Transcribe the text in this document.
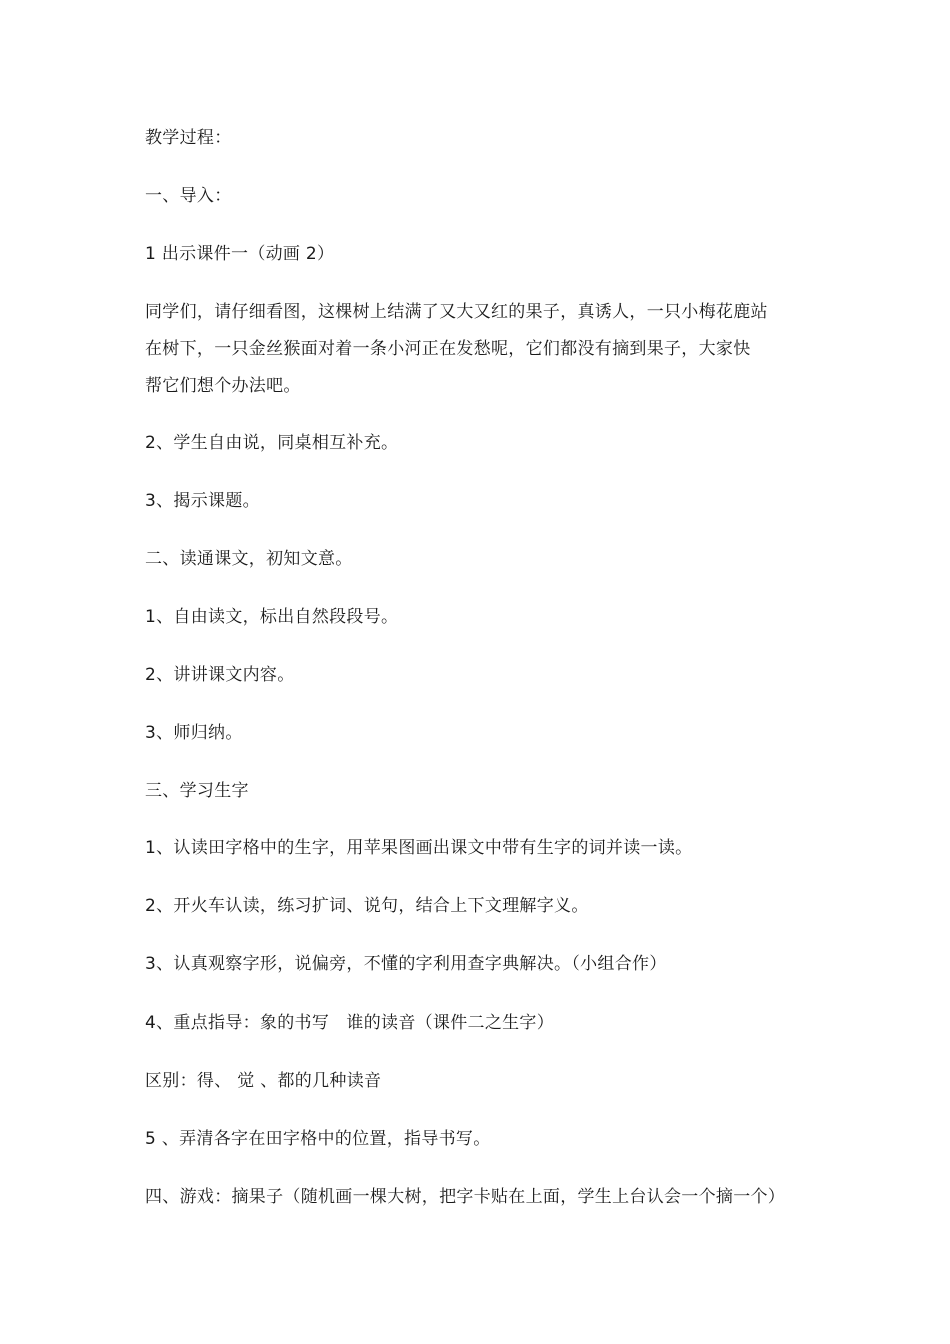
教学过程：
一、导入：
1 出示课件一（动画 2）
同学们，请仔细看图，这棵树上结满了又大又红的果子，真诱人，一只小梅花鹿站
在树下，一只金丝猴面对着一条小河正在发愁呢，它们都没有摘到果子，大家快
帮它们想个办法吧。
2、学生自由说，同桌相互补充。
3、揭示课题。
二、读通课文，初知文意。
1、自由读文，标出自然段段号。
2、讲讲课文内容。
3、师归纳。
三、学习生字
1、认读田字格中的生字，用苹果图画出课文中带有生字的词并读一读。
2、开火车认读，练习扩词、说句，结合上下文理解字义。
3、认真观察字形，说偏旁，不懂的字利用查字典解决。（小组合作）
4、重点指导：象的书写　谁的读音（课件二之生字）
区别：得、 觉 、都的几种读音
5 、弄清各字在田字格中的位置，指导书写。
四、游戏：摘果子（随机画一棵大树，把字卡贴在上面，学生上台认会一个摘一个）
